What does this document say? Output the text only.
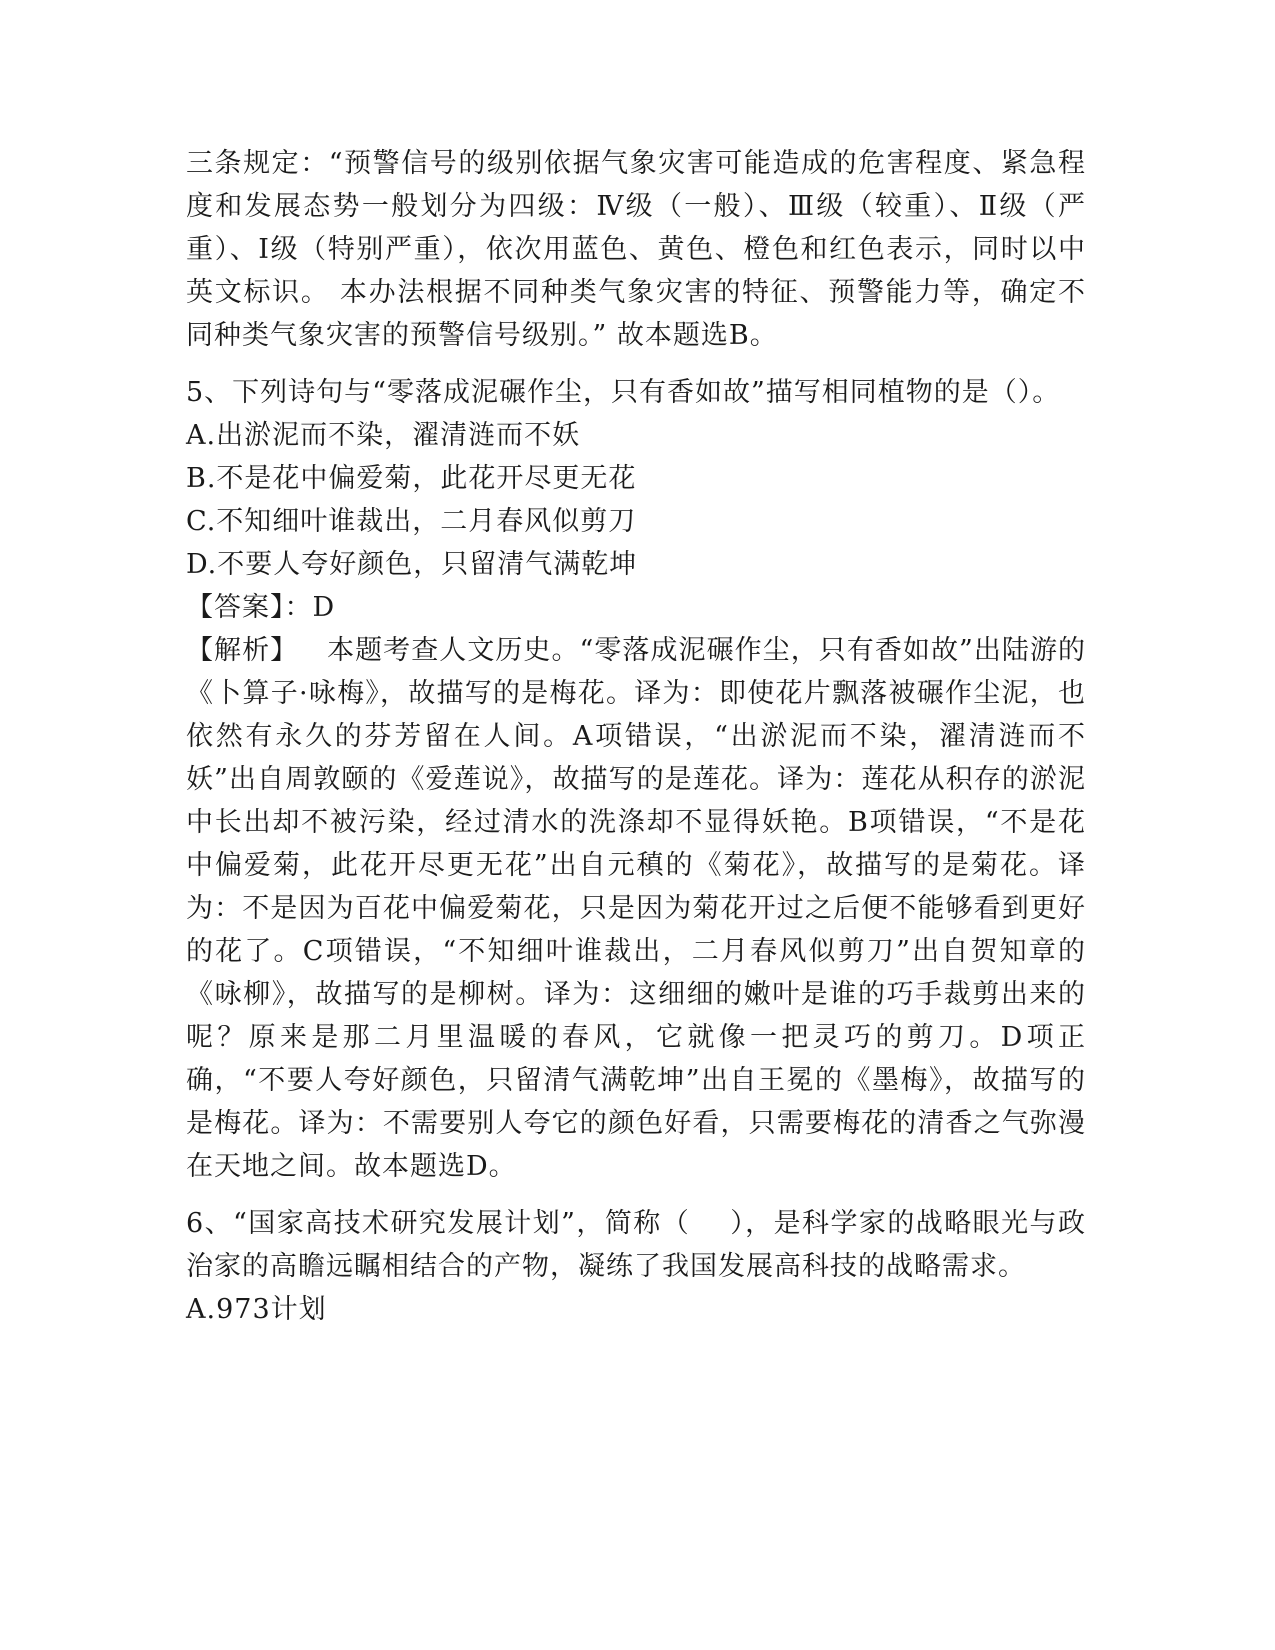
三条规定：“预警信号的级别依据气象灾害可能造成的危害程度、紧急程度和发展态势一般划分为四级：Ⅳ级（一般）、Ⅲ级（较重）、Ⅱ级（严重）、Ⅰ级（特别严重），依次用蓝色、黄色、橙色和红色表示，同时以中英文标识。 本办法根据不同种类气象灾害的特征、预警能力等，确定不同种类气象灾害的预警信号级别。” 故本题选B。

5、下列诗句与“零落成泥碾作尘，只有香如故”描写相同植物的是（）。

A.出淤泥而不染，濯清涟而不妖

B.不是花中偏爱菊，此花开尽更无花

C.不知细叶谁裁出，二月春风似剪刀

D.不要人夸好颜色，只留清气满乾坤

【答案】：D

【解析】   本题考查人文历史。“零落成泥碾作尘，只有香如故”出陆游的《卜算子·咏梅》，故描写的是梅花。译为：即使花片飘落被碾作尘泥，也依然有永久的芬芳留在人间。A项错误，“出淤泥而不染，濯清涟而不妖”出自周敦颐的《爱莲说》，故描写的是莲花。译为：莲花从积存的淤泥中长出却不被污染，经过清水的洗涤却不显得妖艳。B项错误，“不是花中偏爱菊，此花开尽更无花”出自元稹的《菊花》，故描写的是菊花。译为：不是因为百花中偏爱菊花，只是因为菊花开过之后便不能够看到更好的花了。C项错误，“不知细叶谁裁出，二月春风似剪刀”出自贺知章的《咏柳》，故描写的是柳树。译为：这细细的嫩叶是谁的巧手裁剪出来的呢？原来是那二月里温暖的春风，它就像一把灵巧的剪刀。D项正确，“不要人夸好颜色，只留清气满乾坤”出自王冕的《墨梅》，故描写的是梅花。译为：不需要别人夸它的颜色好看，只需要梅花的清香之气弥漫在天地之间。故本题选D。

6、“国家高技术研究发展计划”，简称（    ），是科学家的战略眼光与政治家的高瞻远瞩相结合的产物，凝练了我国发展高科技的战略需求。

A.973计划
